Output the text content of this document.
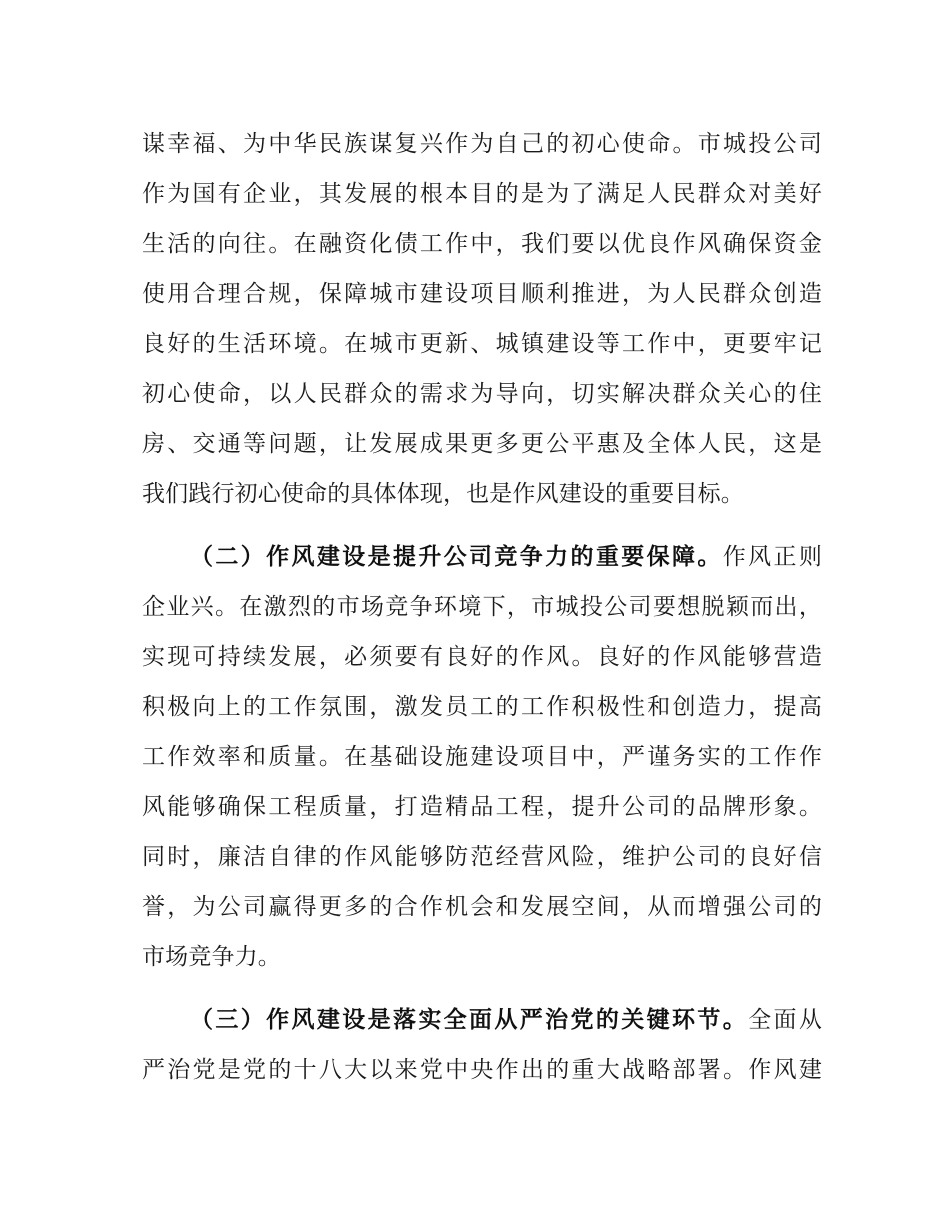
谋幸福、为中华民族谋复兴作为自己的初心使命。市城投公司
作为国有企业，其发展的根本目的是为了满足人民群众对美好
生活的向往。在融资化债工作中，我们要以优良作风确保资金
使用合理合规，保障城市建设项目顺利推进，为人民群众创造
良好的生活环境。在城市更新、城镇建设等工作中，更要牢记
初心使命，以人民群众的需求为导向，切实解决群众关心的住
房、交通等问题，让发展成果更多更公平惠及全体人民，这是
我们践行初心使命的具体体现，也是作风建设的重要目标。
（二）作风建设是提升公司竞争力的重要保障。作风正则
企业兴。在激烈的市场竞争环境下，市城投公司要想脱颖而出，
实现可持续发展，必须要有良好的作风。良好的作风能够营造
积极向上的工作氛围，激发员工的工作积极性和创造力，提高
工作效率和质量。在基础设施建设项目中，严谨务实的工作作
风能够确保工程质量，打造精品工程，提升公司的品牌形象。
同时，廉洁自律的作风能够防范经营风险，维护公司的良好信
誉，为公司赢得更多的合作机会和发展空间，从而增强公司的
市场竞争力。
（三）作风建设是落实全面从严治党的关键环节。全面从
严治党是党的十八大以来党中央作出的重大战略部署。作风建
